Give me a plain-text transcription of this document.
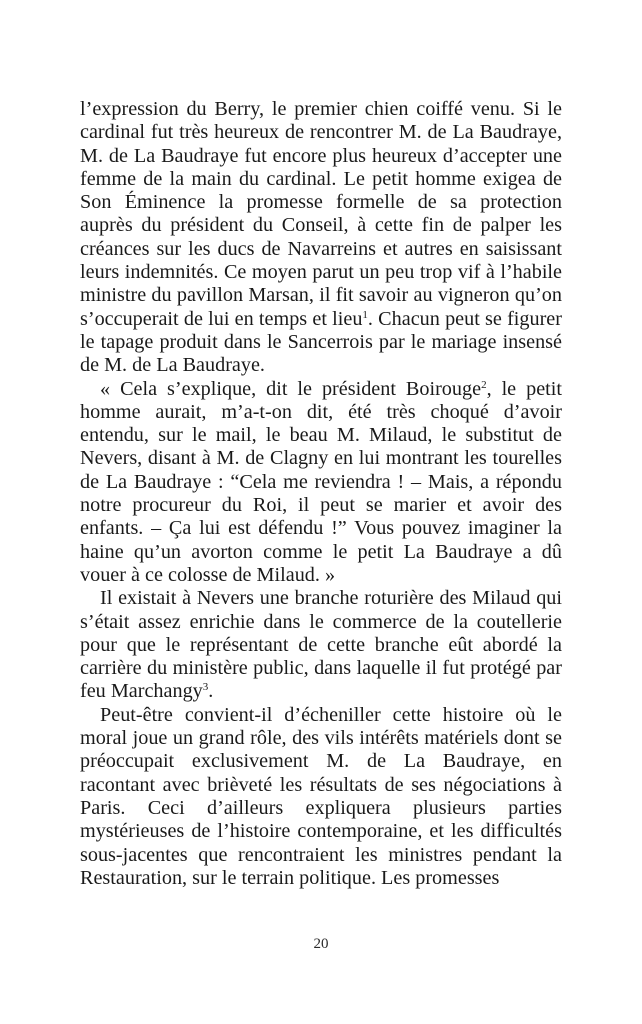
l’expression du Berry, le premier chien coiffé venu. Si le cardinal fut très heureux de rencontrer M. de La Baudraye, M. de La Baudraye fut encore plus heureux d’accepter une femme de la main du cardinal. Le petit homme exigea de Son Éminence la promesse formelle de sa protection auprès du président du Conseil, à cette fin de palper les créances sur les ducs de Navarreins et autres en saisissant leurs indemnités. Ce moyen parut un peu trop vif à l’habile ministre du pavillon Marsan, il fit savoir au vigneron qu’on s’occuperait de lui en temps et lieu$^1$. Chacun peut se figurer le tapage produit dans le Sancerrois par le mariage insensé de M. de La Baudraye.

« Cela s’explique, dit le président Boirouge$^2$, le petit homme aurait, m’a-t-on dit, été très choqué d’avoir entendu, sur le mail, le beau M. Milaud, le substitut de Nevers, disant à M. de Clagny en lui montrant les tourelles de La Baudraye : “Cela me reviendra ! – Mais, a répondu notre procureur du Roi, il peut se marier et avoir des enfants. – Ça lui est défendu !” Vous pouvez imaginer la haine qu’un avorton comme le petit La Baudraye a dû vouer à ce colosse de Milaud. »

Il existait à Nevers une branche roturière des Milaud qui s’était assez enrichie dans le commerce de la coutellerie pour que le représentant de cette branche eût abordé la carrière du ministère public, dans laquelle il fut protégé par feu Marchangy$^3$.

Peut-être convient-il d’écheniller cette histoire où le moral joue un grand rôle, des vils intérêts matériels dont se préoccupait exclusivement M. de La Baudraye, en racontant avec brièveté les résultats de ses négociations à Paris. Ceci d’ailleurs expliquera plusieurs parties mystérieuses de l’histoire contemporaine, et les difficultés sous-jacentes que rencontraient les ministres pendant la Restauration, sur le terrain politique. Les promesses

20
